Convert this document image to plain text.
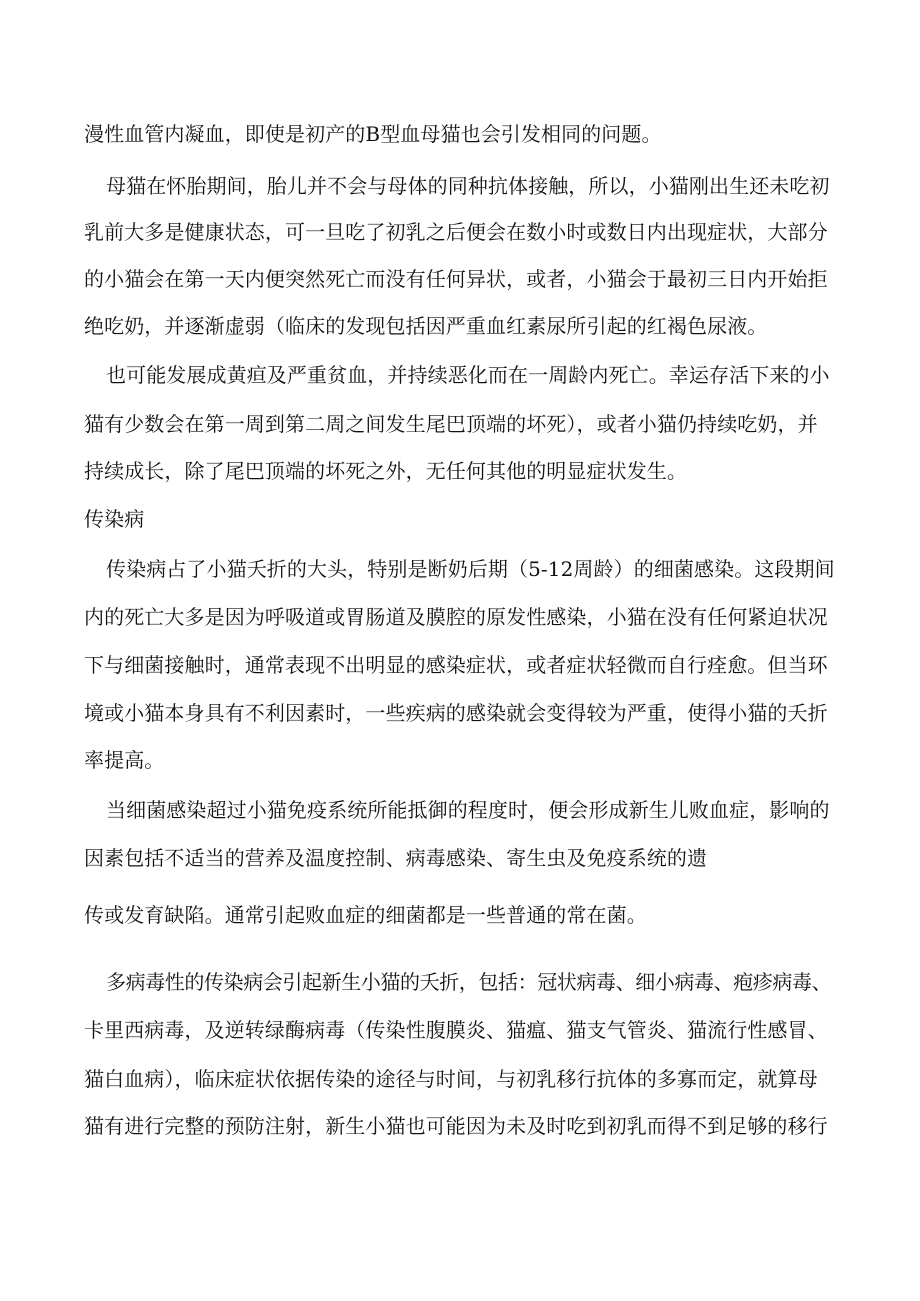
漫性血管内凝血，即使是初产的B型血母猫也会引发相同的问题。
母猫在怀胎期间，胎儿并不会与母体的同种抗体接触，所以，小猫刚出生还未吃初
乳前大多是健康状态，可一旦吃了初乳之后便会在数小时或数日内出现症状，大部分
的小猫会在第一天内便突然死亡而没有任何异状，或者，小猫会于最初三日内开始拒
绝吃奶，并逐渐虚弱（临床的发现包括因严重血红素尿所引起的红褐色尿液。
也可能发展成黄疸及严重贫血，并持续恶化而在一周龄内死亡。幸运存活下来的小
猫有少数会在第一周到第二周之间发生尾巴顶端的坏死），或者小猫仍持续吃奶，并
持续成长，除了尾巴顶端的坏死之外，无任何其他的明显症状发生。
传染病
传染病占了小猫夭折的大头，特别是断奶后期（5-12周龄）的细菌感染。这段期间
内的死亡大多是因为呼吸道或胃肠道及膜腔的原发性感染，小猫在没有任何紧迫状况
下与细菌接触时，通常表现不出明显的感染症状，或者症状轻微而自行痊愈。但当环
境或小猫本身具有不利因素时，一些疾病的感染就会变得较为严重，使得小猫的夭折
率提高。
当细菌感染超过小猫免疫系统所能抵御的程度时，便会形成新生儿败血症，影响的
因素包括不适当的营养及温度控制、病毒感染、寄生虫及免疫系统的遗
传或发育缺陷。通常引起败血症的细菌都是一些普通的常在菌。
多病毒性的传染病会引起新生小猫的夭折，包括：冠状病毒、细小病毒、疱疹病毒、
卡里西病毒，及逆转绿酶病毒（传染性腹膜炎、猫瘟、猫支气管炎、猫流行性感冒、
猫白血病），临床症状依据传染的途径与时间，与初乳移行抗体的多寡而定，就算母
猫有进行完整的预防注射，新生小猫也可能因为未及时吃到初乳而得不到足够的移行
